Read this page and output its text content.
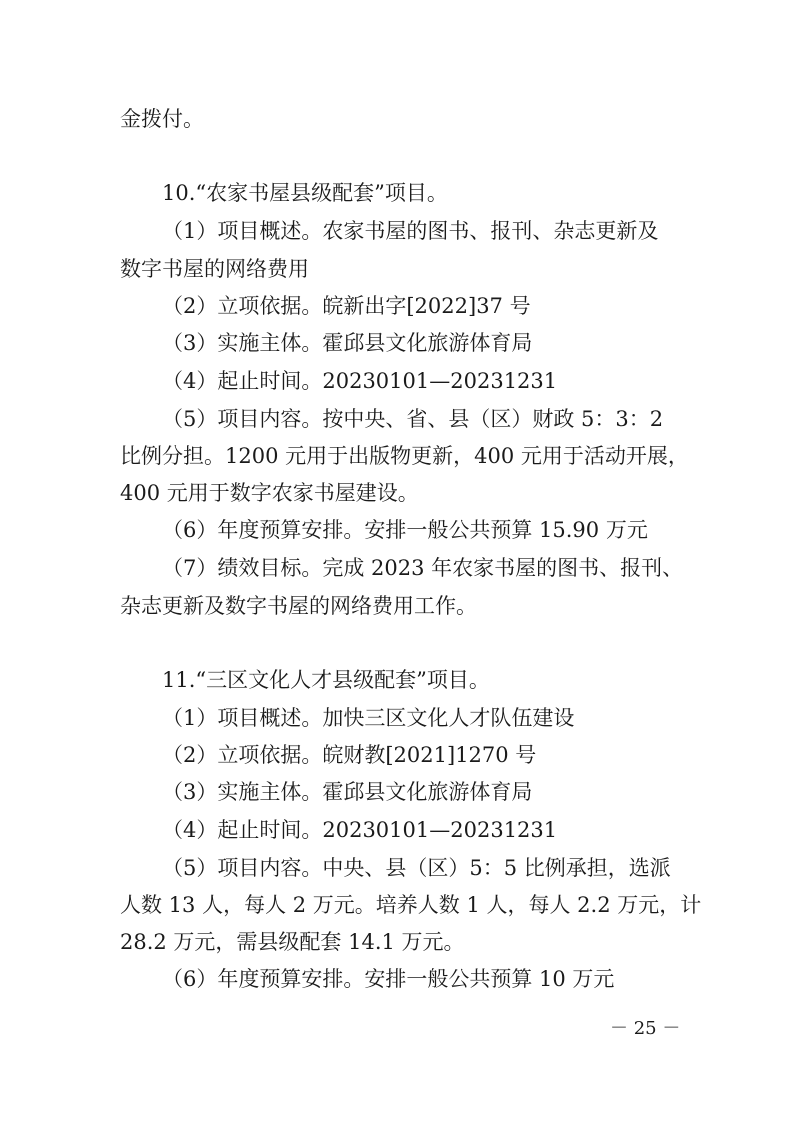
金拨付。
10.“农家书屋县级配套”项目。
（1）项目概述。农家书屋的图书、报刊、杂志更新及
数字书屋的网络费用
（2）立项依据。皖新出字[2022]37 号
（3）实施主体。霍邱县文化旅游体育局
（4）起止时间。20230101—20231231
（5）项目内容。按中央、省、县（区）财政 5：3：2
比例分担。1200 元用于出版物更新，400 元用于活动开展，
400 元用于数字农家书屋建设。
（6）年度预算安排。安排一般公共预算 15.90 万元
（7）绩效目标。完成 2023 年农家书屋的图书、报刊、
杂志更新及数字书屋的网络费用工作。
11.“三区文化人才县级配套”项目。
（1）项目概述。加快三区文化人才队伍建设
（2）立项依据。皖财教[2021]1270 号
（3）实施主体。霍邱县文化旅游体育局
（4）起止时间。20230101—20231231
（5）项目内容。中央、县（区）5：5 比例承担，选派
人数 13 人，每人 2 万元。培养人数 1 人，每人 2.2 万元，计
28.2 万元，需县级配套 14.1 万元。
（6）年度预算安排。安排一般公共预算 10 万元
－ 25 －
